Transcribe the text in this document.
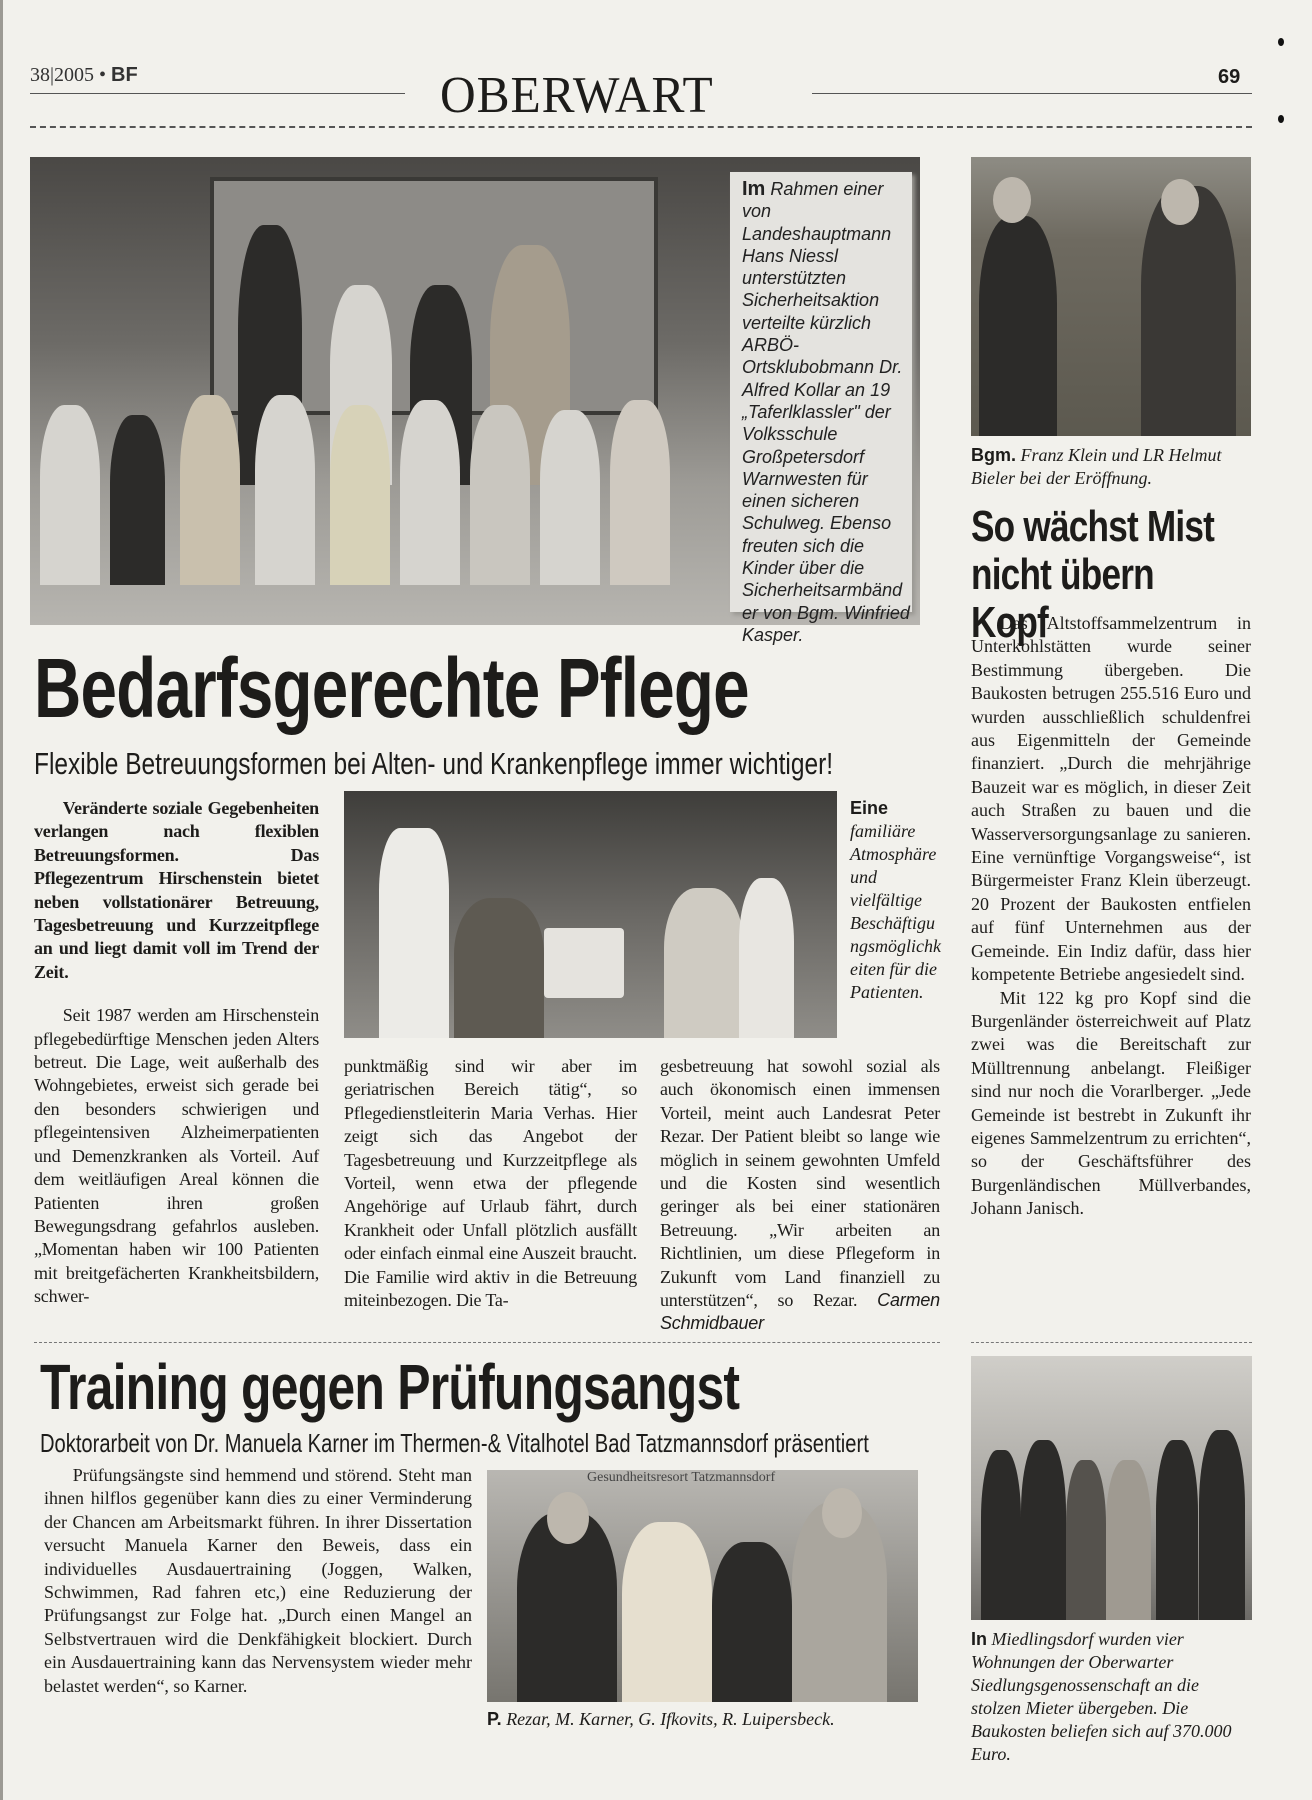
38|2005 • BF	OBERWART	69
Im Rahmen einer von Landeshauptmann Hans Niessl unterstützten Sicherheitsaktion verteilte kürzlich ARBÖ-Ortsklubobmann Dr. Alfred Kollar an 19 „Taferlklassler" der Volksschule Großpetersdorf Warnwesten für einen sicheren Schulweg. Ebenso freuten sich die Kinder über die Sicherheitsarmbänder von Bgm. Winfried Kasper.
Bgm. Franz Klein und LR Helmut Bieler bei der Eröffnung.
So wächst Mist nicht übern Kopf

Das Altstoffsammelzentrum in Unterkohlstätten wurde seiner Bestimmung übergeben. Die Baukosten betrugen 255.516 Euro und wurden ausschließlich schuldenfrei aus Eigenmitteln der Gemeinde finanziert. „Durch die mehrjährige Bauzeit war es möglich, in dieser Zeit auch Straßen zu bauen und die Wasserversorgungsanlage zu sanieren. Eine vernünftige Vorgangsweise“, ist Bürgermeister Franz Klein überzeugt. 20 Prozent der Baukosten entfielen auf fünf Unternehmen aus der Gemeinde. Ein Indiz dafür, dass hier kompetente Betriebe angesiedelt sind.

Mit 122 kg pro Kopf sind die Burgenländer österreichweit auf Platz zwei was die Bereitschaft zur Mülltrennung anbelangt. Fleißiger sind nur noch die Vorarlberger. „Jede Gemeinde ist bestrebt in Zukunft ihr eigenes Sammelzentrum zu errichten“, so der Geschäftsführer des Burgenländischen Müllverbandes, Johann Janisch.

Bedarfsgerechte Pflege
Flexible Betreuungsformen bei Alten- und Krankenpflege immer wichtiger!

Veränderte soziale Gegebenheiten verlangen nach flexiblen Betreuungsformen. Das Pflegezentrum Hirschenstein bietet neben vollstationärer Betreuung, Tagesbetreuung und Kurzzeitpflege an und liegt damit voll im Trend der Zeit.

Seit 1987 werden am Hirschenstein pflegebedürftige Menschen jeden Alters betreut. Die Lage, weit außerhalb des Wohngebietes, erweist sich gerade bei den besonders schwierigen und pflegeintensiven Alzheimerpatienten und Demenzkranken als Vorteil. Auf dem weitläufigen Areal können die Patienten ihren großen Bewegungsdrang gefahrlos ausleben. „Momentan haben wir 100 Patienten mit breitgefächerten Krankheitsbildern, schwer-

Eine familiäre Atmosphäre und vielfältige Beschäftigungsmöglichkeiten für die Patienten.

punktmäßig sind wir aber im geriatrischen Bereich tätig“, so Pflegedienstleiterin Maria Verhas. Hier zeigt sich das Angebot der Tagesbetreuung und Kurzzeitpflege als Vorteil, wenn etwa der pflegende Angehörige auf Urlaub fährt, durch Krankheit oder Unfall plötzlich ausfällt oder einfach einmal eine Auszeit braucht. Die Familie wird aktiv in die Betreuung miteinbezogen. Die Ta-

gesbetreuung hat sowohl sozial als auch ökonomisch einen immensen Vorteil, meint auch Landesrat Peter Rezar. Der Patient bleibt so lange wie möglich in seinem gewohnten Umfeld und die Kosten sind wesentlich geringer als bei einer stationären Betreuung. „Wir arbeiten an Richtlinien, um diese Pflegeform in Zukunft vom Land finanziell zu unterstützen“, so Rezar. Carmen Schmidbauer

Training gegen Prüfungsangst
Doktorarbeit von Dr. Manuela Karner im Thermen-& Vitalhotel Bad Tatzmannsdorf präsentiert

Prüfungsängste sind hemmend und störend. Steht man ihnen hilflos gegenüber kann dies zu einer Verminderung der Chancen am Arbeitsmarkt führen. In ihrer Dissertation versucht Manuela Karner den Beweis, dass ein individuelles Ausdauertraining (Joggen, Walken, Schwimmen, Rad fahren etc,) eine Reduzierung der Prüfungsangst zur Folge hat. „Durch einen Mangel an Selbstvertrauen wird die Denkfähigkeit blockiert. Durch ein Ausdauertraining kann das Nervensystem wieder mehr belastet werden“, so Karner.

Gesundheitsresort Tatzmannsdorf
P. Rezar, M. Karner, G. Ifkovits, R. Luipersbeck.
In Miedlingsdorf wurden vier Wohnungen der Oberwarter Siedlungsgenossenschaft an die stolzen Mieter übergeben. Die Baukosten beliefen sich auf 370.000 Euro.
